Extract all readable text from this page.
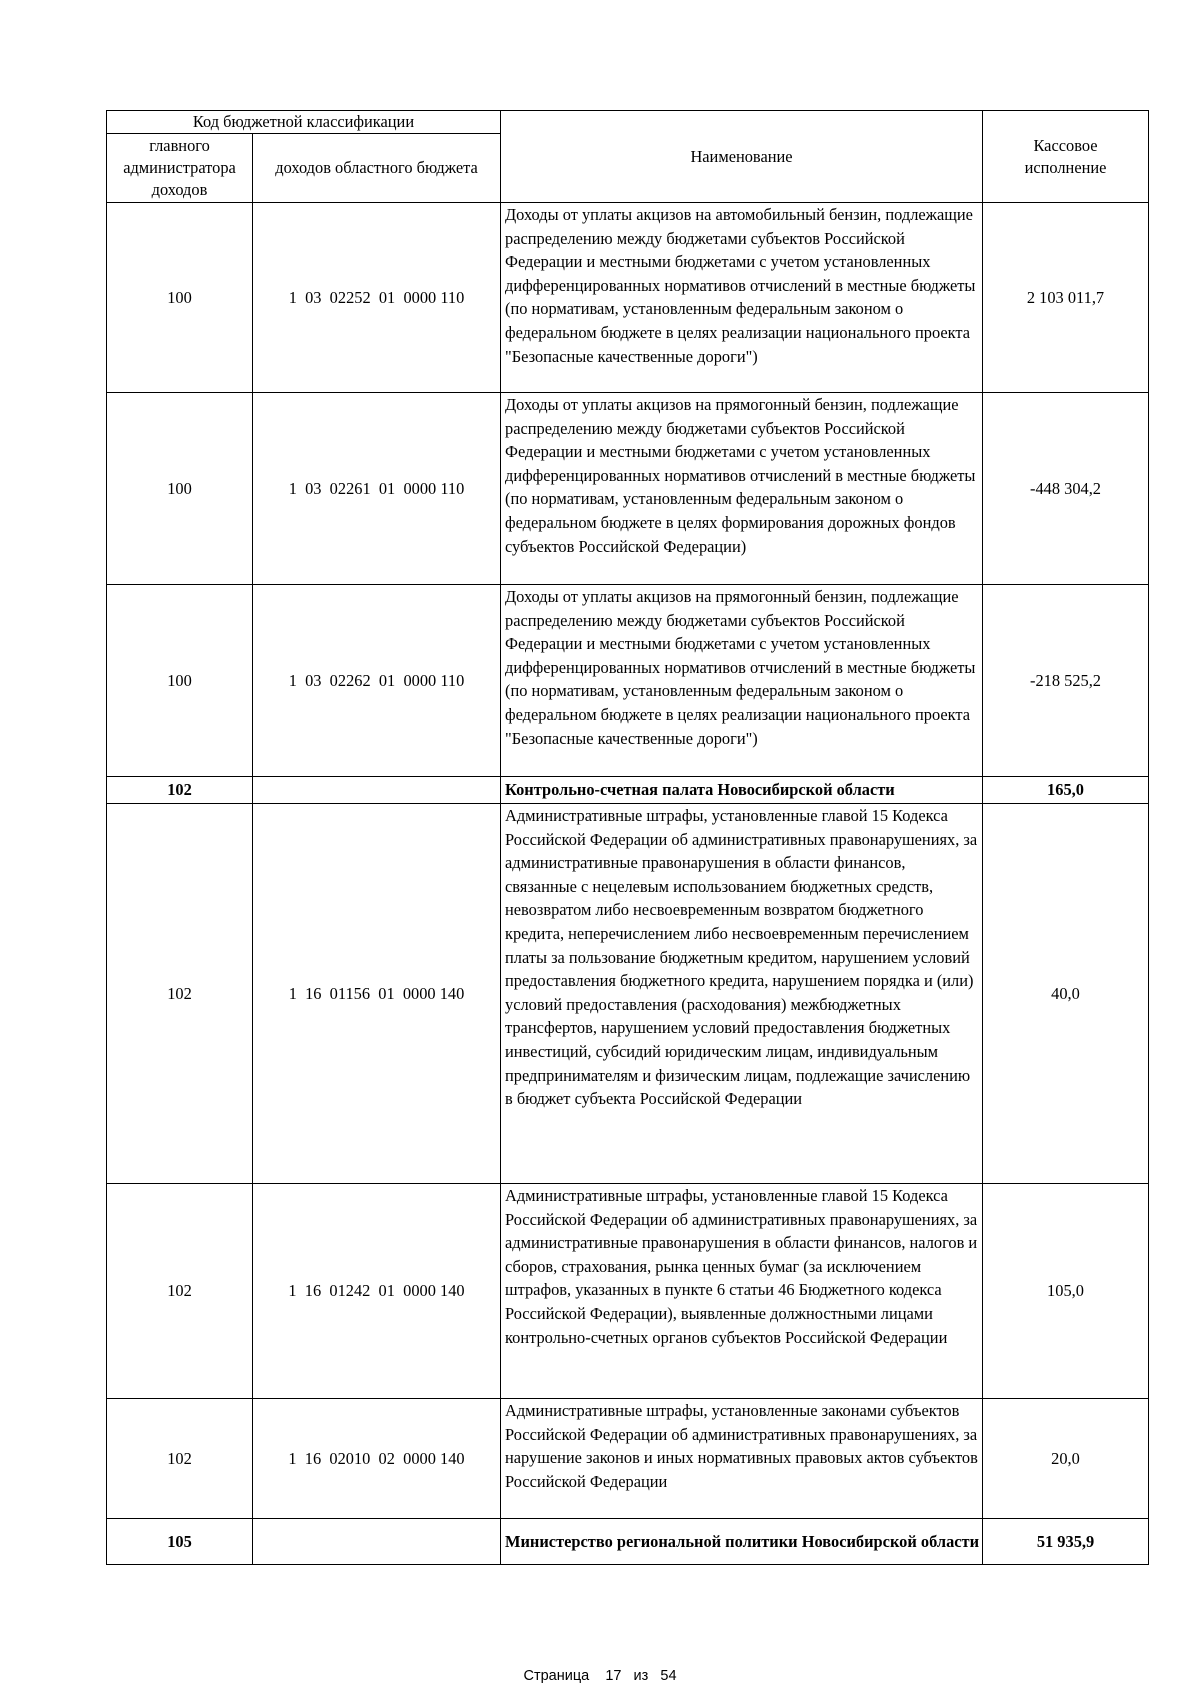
Код бюджетной классификации		Наименование	Кассовое исполнение
главного администратора доходов	доходов областного бюджета		
100	1  03  02252  01  0000 110	Доходы от уплаты акцизов на автомобильный бензин, подлежащие распределению между бюджетами субъектов Российской Федерации и местными бюджетами с учетом установленных дифференцированных нормативов отчислений в местные бюджеты (по нормативам, установленным федеральным законом о федеральном бюджете в целях реализации национального проекта "Безопасные качественные дороги")	2 103 011,7
100	1  03  02261  01  0000 110	Доходы от уплаты акцизов на прямогонный бензин, подлежащие распределению между бюджетами субъектов Российской Федерации и местными бюджетами с учетом установленных дифференцированных нормативов отчислений в местные бюджеты (по нормативам, установленным федеральным законом о федеральном бюджете в целях формирования дорожных фондов субъектов Российской Федерации)	-448 304,2
100	1  03  02262  01  0000 110	Доходы от уплаты акцизов на прямогонный бензин, подлежащие распределению между бюджетами субъектов Российской Федерации и местными бюджетами с учетом установленных дифференцированных нормативов отчислений в местные бюджеты (по нормативам, установленным федеральным законом о федеральном бюджете в целях реализации национального проекта "Безопасные качественные дороги")	-218 525,2
102		Контрольно-счетная палата Новосибирской области	165,0
102	1  16  01156  01  0000 140	Административные штрафы, установленные главой 15 Кодекса Российской Федерации об административных правонарушениях, за административные правонарушения в области финансов, связанные с нецелевым использованием бюджетных средств, невозвратом либо несвоевременным возвратом бюджетного кредита, неперечислением либо несвоевременным перечислением платы за пользование бюджетным кредитом, нарушением условий предоставления бюджетного кредита, нарушением порядка и (или) условий предоставления (расходования) межбюджетных трансфертов, нарушением условий предоставления бюджетных инвестиций, субсидий юридическим лицам, индивидуальным предпринимателям и физическим лицам, подлежащие зачислению в бюджет субъекта Российской Федерации	40,0
102	1  16  01242  01  0000 140	Административные штрафы, установленные главой 15 Кодекса Российской Федерации об административных правонарушениях, за административные правонарушения в области финансов, налогов и сборов, страхования, рынка ценных бумаг (за исключением штрафов, указанных в пункте 6 статьи 46 Бюджетного кодекса Российской Федерации), выявленные должностными лицами контрольно-счетных органов субъектов Российской Федерации	105,0
102	1  16  02010  02  0000 140	Административные штрафы, установленные законами субъектов Российской Федерации об административных правонарушениях, за нарушение законов и иных нормативных правовых актов субъектов Российской Федерации	20,0
105		Министерство региональной политики Новосибирской области	51 935,9
Страница 17 из 54
